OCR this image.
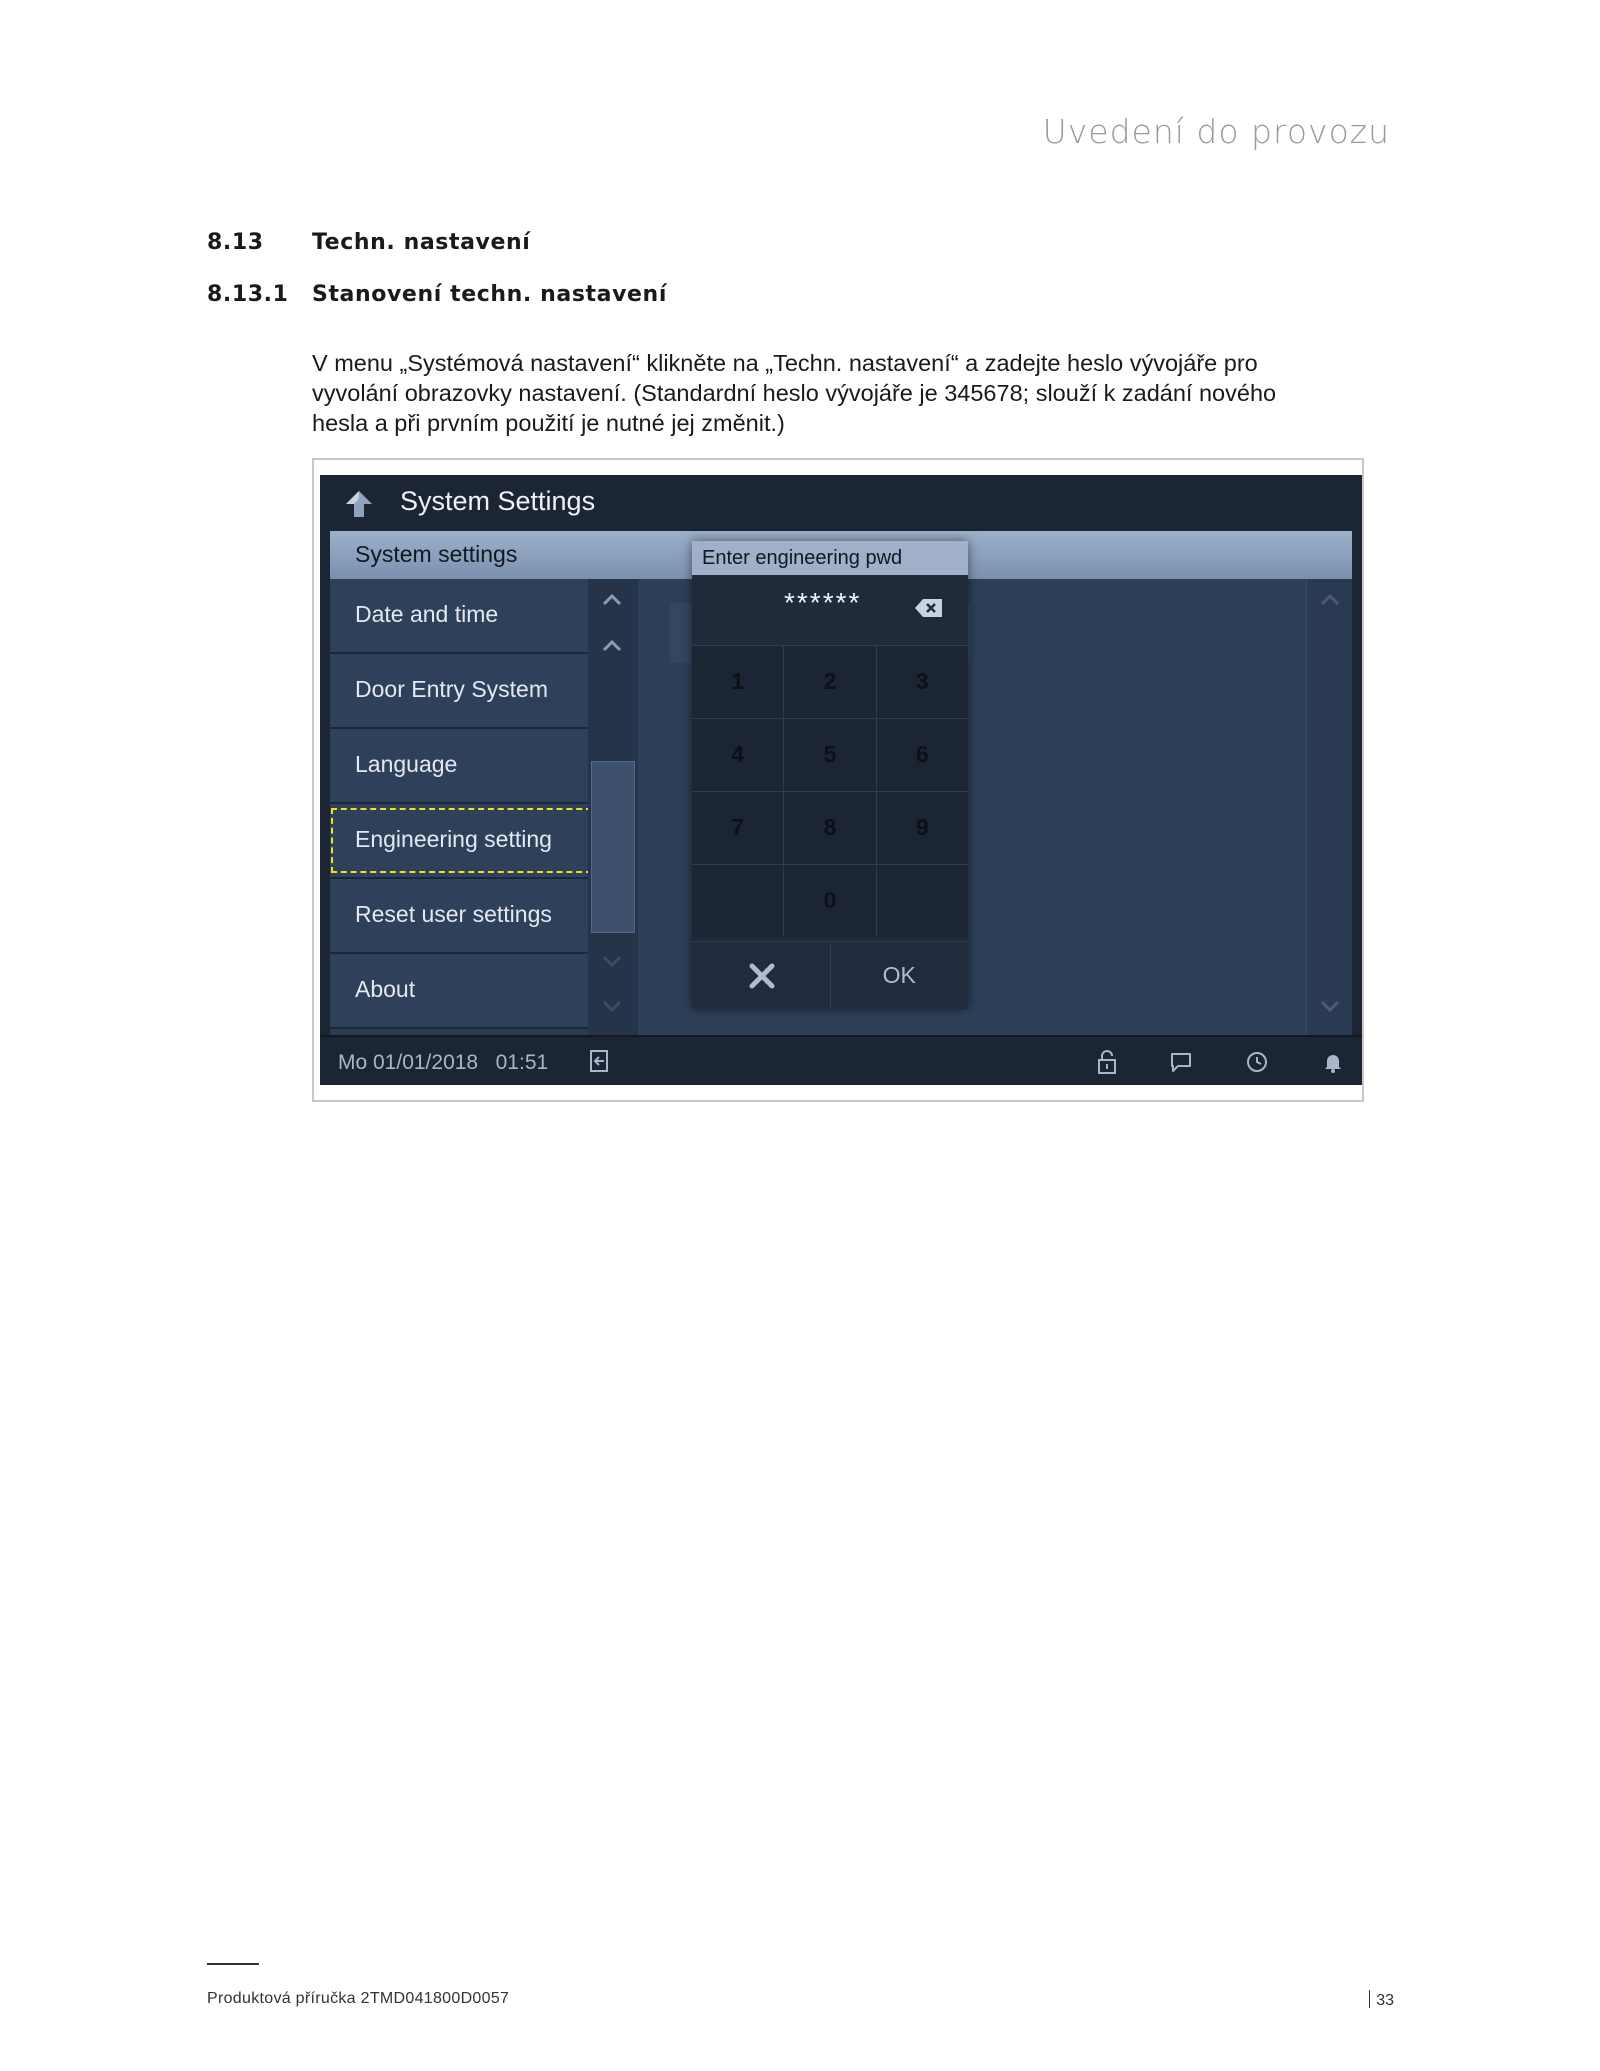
Uvedení do provozu
8.13 Techn. nastavení
8.13.1 Stanovení techn. nastavení

V menu „Systémová nastavení“ klikněte na „Techn. nastavení“ a zadejte heslo vývojáře pro vyvolání obrazovky nastavení. (Standardní heslo vývojáře je 345678; slouží k zadání nového hesla a při prvním použití je nutné jej změnit.)

System Settings
System settings
Date and time
Door Entry System
Language
Engineering setting
Reset user settings
About
Enter engineering pwd
******
1	2	3
4	5	6
7	8	9
0
OK
Mo 01/01/2018 01:51
Produktová příručka 2TMD041800D0057	33
